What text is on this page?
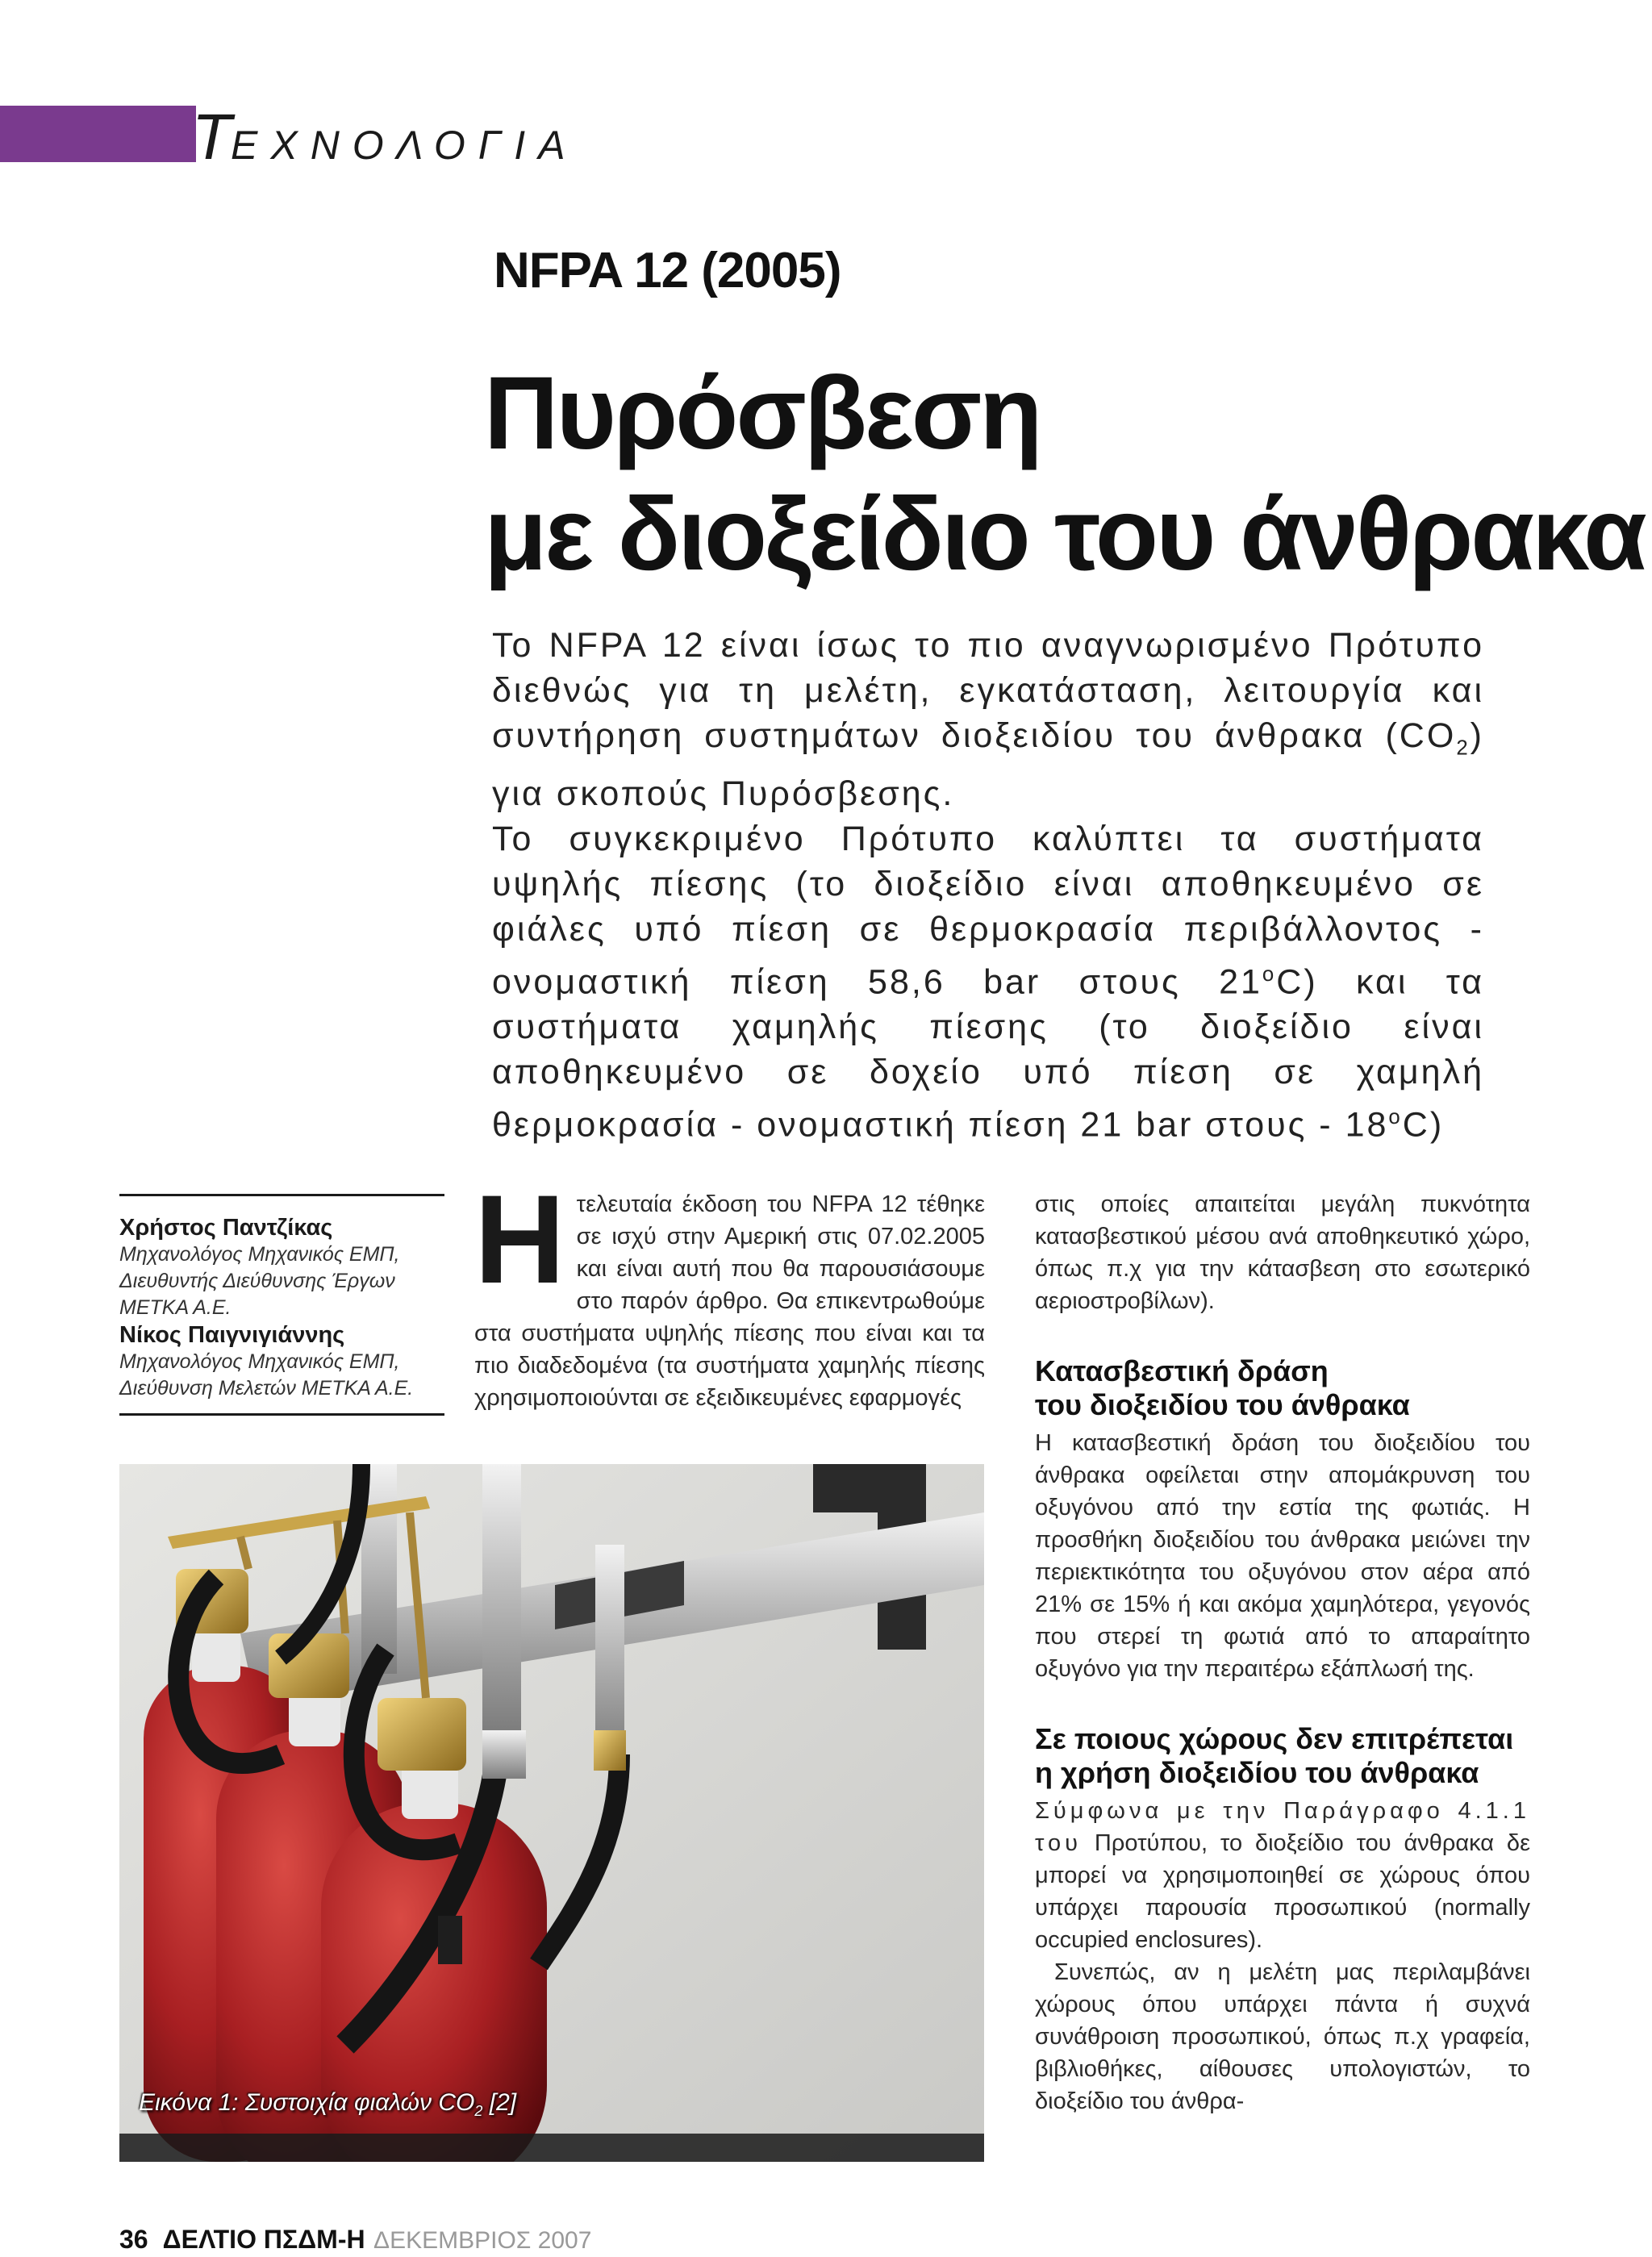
Τ ΕΧΝΟΛΟΓΙΑ
NFPA 12 (2005)
Πυρόσβεση
με διοξείδιο του άνθρακα

Το NFPA 12 είναι ίσως το πιο αναγνωρισμένο Πρότυπο διεθνώς για τη μελέτη, εγκατάσταση, λειτουργία και συντήρηση συστημάτων διοξειδίου του άνθρακα $(CO_2)$ για σκοπούς Πυρόσβεσης.

Το συγκεκριμένο Πρότυπο καλύπτει τα συστήματα υψηλής πίεσης (το διοξείδιο είναι αποθηκευμένο σε φιάλες υπό πίεση σε θερμοκρασία περιβάλλοντος - ονομαστική πίεση 58,6 bar στους $21^oC$) και τα συστήματα χαμηλής πίεσης (το διοξείδιο είναι αποθηκευμένο σε δοχείο υπό πίεση σε χαμηλή θερμοκρασία - ονομαστική πίεση 21 bar στους - $18^oC$)

Χρήστος Παντζίκας
Μηχανολόγος Μηχανικός ΕΜΠ,
Διευθυντής Διεύθυνσης Έργων
ΜΕΤΚΑ Α.Ε.
Νίκος Παιγνιγιάννης
Μηχανολόγος Μηχανικός ΕΜΠ,
Διεύθυνση Μελετών ΜΕΤΚΑ Α.Ε.

Ητελευταία έκδοση του NFPA 12 τέθηκε σε ισχύ στην Αμερική στις 07.02.2005 και είναι αυτή που θα παρουσιάσουμε στο παρόν άρθρο. Θα επικεντρωθούμε στα συστήματα υψηλής πίεσης που είναι και τα πιο διαδεδομένα (τα συστήματα χαμηλής πίεσης χρησιμοποιούνται σε εξειδικευμένες εφαρμογές

στις οποίες απαιτείται μεγάλη πυκνότητα κατασβεστικού μέσου ανά αποθηκευτικό χώρο, όπως π.χ για την κάτασβεση στο εσωτερικό αεριοστροβίλων).

Κατασβεστική δράση
του διοξειδίου του άνθρακα

Η κατασβεστική δράση του διοξειδίου του άνθρακα οφείλεται στην απομάκρυνση του οξυγόνου από την εστία της φωτιάς. Η προσθήκη διοξειδίου του άνθρακα μειώνει την περιεκτικότητα του οξυγόνου στον αέρα από 21% σε 15% ή και ακόμα χαμηλότερα, γεγονός που στερεί τη φωτιά από το απαραίτητο οξυγόνο για την περαιτέρω εξάπλωσή της.

Σε ποιους χώρους δεν επιτρέπεται
η χρήση διοξειδίου του άνθρακα

Σύμφωνα με την Παράγραφο 4.1.1 του Προτύπου, το διοξείδιο του άνθρακα δε μπορεί να χρησιμοποιηθεί σε χώρους όπου υπάρχει παρουσία προσωπικού (normally occupied enclosures).

Συνεπώς, αν η μελέτη μας περιλαμβάνει χώρους όπου υπάρχει πάντα ή συχνά συνάθροιση προσωπικού, όπως π.χ γραφεία, βιβλιοθήκες, αίθουσες υπολογιστών, το διοξείδιο του άνθρα-

Εικόνα 1: Συστοιχία φιαλών $CO_2$ [2]
36 ΔΕΛΤΙΟ ΠΣΔΜ-Η ΔΕΚΕΜΒΡΙΟΣ 2007
